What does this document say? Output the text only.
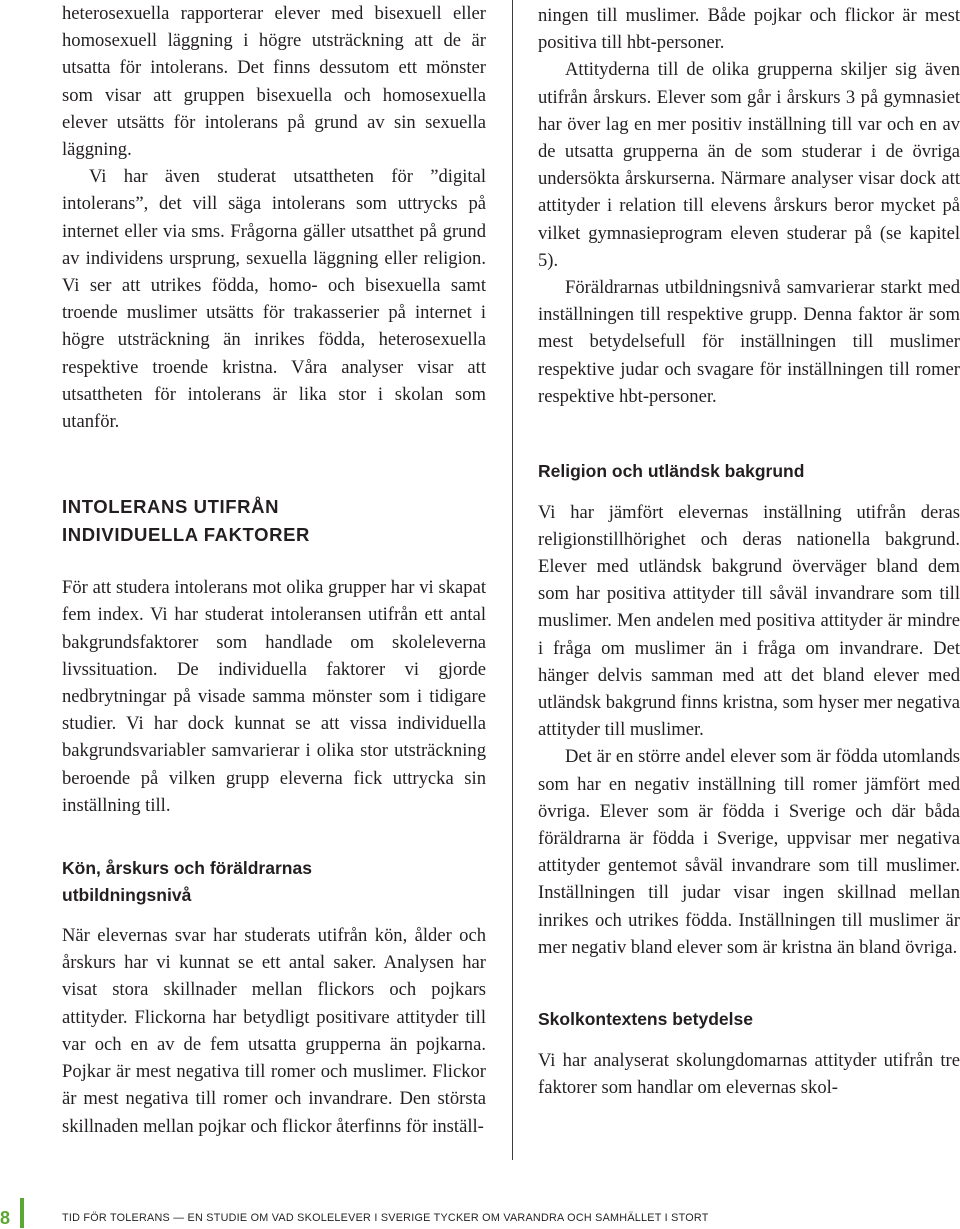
heterosexuella rapporterar elever med bisexuell eller homosexuell läggning i högre utsträckning att de är utsatta för intolerans. Det finns dessutom ett mönster som visar att gruppen bisexuella och homosexuella elever utsätts för intolerans på grund av sin sexuella läggning.

Vi har även studerat utsattheten för ”digital intolerans”, det vill säga intolerans som uttrycks på internet eller via sms. Frågorna gäller utsatthet på grund av individens ursprung, sexuella läggning eller religion. Vi ser att utrikes födda, homo- och bisexuella samt troende muslimer utsätts för trakasserier på internet i högre utsträckning än inrikes födda, heterosexuella respektive troende kristna. Våra analyser visar att utsattheten för intolerans är lika stor i skolan som utanför.

INTOLERANS UTIFRÅN
INDIVIDUELLA FAKTORER

För att studera intolerans mot olika grupper har vi skapat fem index. Vi har studerat intoleransen utifrån ett antal bakgrundsfaktorer som handlade om skoleleverna livssituation. De individuella faktorer vi gjorde nedbrytningar på visade samma mönster som i tidigare studier. Vi har dock kunnat se att vissa individuella bakgrundsvariabler samvarierar i olika stor utsträckning beroende på vilken grupp eleverna fick uttrycka sin inställning till.

Kön, årskurs och föräldrarnas
utbildningsnivå

När elevernas svar har studerats utifrån kön, ålder och årskurs har vi kunnat se ett antal saker. Analysen har visat stora skillnader mellan flickors och pojkars attityder. Flickorna har betydligt positivare attityder till var och en av de fem utsatta grupperna än pojkarna. Pojkar är mest negativa till romer och muslimer. Flickor är mest negativa till romer och invandrare. Den största skillnaden mellan pojkar och flickor återfinns för inställ-

ningen till muslimer. Både pojkar och flickor är mest positiva till hbt-personer.

Attityderna till de olika grupperna skiljer sig även utifrån årskurs. Elever som går i årskurs 3 på gymnasiet har över lag en mer positiv inställning till var och en av de utsatta grupperna än de som studerar i de övriga undersökta årskurserna. Närmare analyser visar dock att attityder i relation till elevens årskurs beror mycket på vilket gymnasieprogram eleven studerar på (se kapitel 5).

Föräldrarnas utbildningsnivå samvarierar starkt med inställningen till respektive grupp. Denna faktor är som mest betydelsefull för inställningen till muslimer respektive judar och svagare för inställningen till romer respektive hbt-personer.

Religion och utländsk bakgrund

Vi har jämfört elevernas inställning utifrån deras religionstillhörighet och deras nationella bakgrund. Elever med utländsk bakgrund överväger bland dem som har positiva attityder till såväl invandrare som till muslimer. Men andelen med positiva attityder är mindre i fråga om muslimer än i fråga om invandrare. Det hänger delvis samman med att det bland elever med utländsk bakgrund finns kristna, som hyser mer negativa attityder till muslimer.

Det är en större andel elever som är födda utomlands som har en negativ inställning till romer jämfört med övriga. Elever som är födda i Sverige och där båda föräldrarna är födda i Sverige, uppvisar mer negativa attityder gentemot såväl invandrare som till muslimer. Inställningen till judar visar ingen skillnad mellan inrikes och utrikes födda. Inställningen till muslimer är mer negativ bland elever som är kristna än bland övriga.

Skolkontextens betydelse

Vi har analyserat skolungdomarnas attityder utifrån tre faktorer som handlar om elevernas skol-

8	TID FÖR TOLERANS — EN STUDIE OM VAD SKOLELEVER I SVERIGE TYCKER OM VARANDRA OCH SAMHÄLLET I STORT
